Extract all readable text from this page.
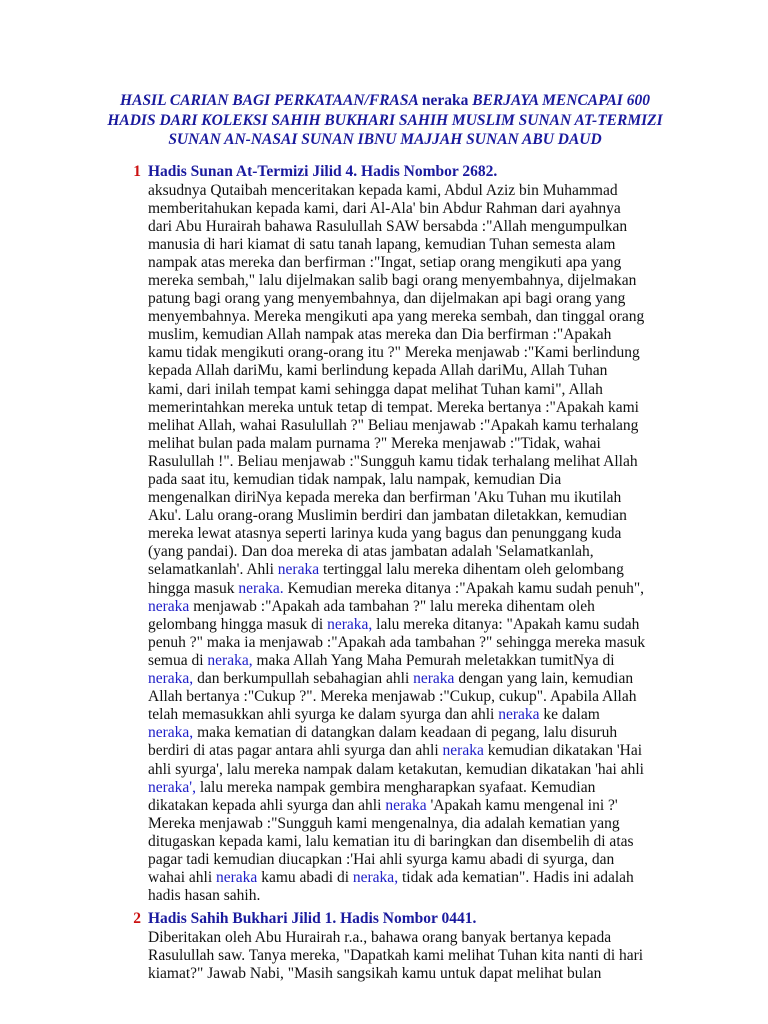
HASIL CARIAN BAGI PERKATAAN/FRASA neraka BERJAYA MENCAPAI 600
HADIS DARI KOLEKSI SAHIH BUKHARI SAHIH MUSLIM SUNAN AT-TERMIZI
SUNAN AN-NASAI SUNAN IBNU MAJJAH SUNAN ABU DAUD
1 Hadis Sunan At-Termizi Jilid 4. Hadis Nombor 2682.
aksudnya Qutaibah menceritakan kepada kami, Abdul Aziz bin Muhammad
memberitahukan kepada kami, dari Al-Ala' bin Abdur Rahman dari ayahnya
dari Abu Hurairah bahawa Rasulullah SAW bersabda :"Allah mengumpulkan
manusia di hari kiamat di satu tanah lapang, kemudian Tuhan semesta alam
nampak atas mereka dan berfirman :"Ingat, setiap orang mengikuti apa yang
mereka sembah," lalu dijelmakan salib bagi orang menyembahnya, dijelmakan
patung bagi orang yang menyembahnya, dan dijelmakan api bagi orang yang
menyembahnya. Mereka mengikuti apa yang mereka sembah, dan tinggal orang
muslim, kemudian Allah nampak atas mereka dan Dia berfirman :"Apakah
kamu tidak mengikuti orang-orang itu ?" Mereka menjawab :"Kami berlindung
kepada Allah dariMu, kami berlindung kepada Allah dariMu, Allah Tuhan
kami, dari inilah tempat kami sehingga dapat melihat Tuhan kami", Allah
memerintahkan mereka untuk tetap di tempat. Mereka bertanya :"Apakah kami
melihat Allah, wahai Rasulullah ?" Beliau menjawab :"Apakah kamu terhalang
melihat bulan pada malam purnama ?" Mereka menjawab :"Tidak, wahai
Rasulullah !". Beliau menjawab :"Sungguh kamu tidak terhalang melihat Allah
pada saat itu, kemudian tidak nampak, lalu nampak, kemudian Dia
mengenalkan diriNya kepada mereka dan berfirman 'Aku Tuhan mu ikutilah
Aku'. Lalu orang-orang Muslimin berdiri dan jambatan diletakkan, kemudian
mereka lewat atasnya seperti larinya kuda yang bagus dan penunggang kuda
(yang pandai). Dan doa mereka di atas jambatan adalah 'Selamatkanlah,
selamatkanlah'. Ahli neraka tertinggal lalu mereka dihentam oleh gelombang
hingga masuk neraka. Kemudian mereka ditanya :"Apakah kamu sudah penuh",
neraka menjawab :"Apakah ada tambahan ?" lalu mereka dihentam oleh
gelombang hingga masuk di neraka, lalu mereka ditanya: "Apakah kamu sudah
penuh ?" maka ia menjawab :"Apakah ada tambahan ?" sehingga mereka masuk
semua di neraka, maka Allah Yang Maha Pemurah meletakkan tumitNya di
neraka, dan berkumpullah sebahagian ahli neraka dengan yang lain, kemudian
Allah bertanya :"Cukup ?". Mereka menjawab :"Cukup, cukup". Apabila Allah
telah memasukkan ahli syurga ke dalam syurga dan ahli neraka ke dalam
neraka, maka kematian di datangkan dalam keadaan di pegang, lalu disuruh
berdiri di atas pagar antara ahli syurga dan ahli neraka kemudian dikatakan 'Hai
ahli syurga', lalu mereka nampak dalam ketakutan, kemudian dikatakan 'hai ahli
neraka', lalu mereka nampak gembira mengharapkan syafaat. Kemudian
dikatakan kepada ahli syurga dan ahli neraka 'Apakah kamu mengenal ini ?'
Mereka menjawab :"Sungguh kami mengenalnya, dia adalah kematian yang
ditugaskan kepada kami, lalu kematian itu di baringkan dan disembelih di atas
pagar tadi kemudian diucapkan :'Hai ahli syurga kamu abadi di syurga, dan
wahai ahli neraka kamu abadi di neraka, tidak ada kematian". Hadis ini adalah
hadis hasan sahih.
2 Hadis Sahih Bukhari Jilid 1. Hadis Nombor 0441.
Diberitakan oleh Abu Hurairah r.a., bahawa orang banyak bertanya kepada
Rasulullah saw. Tanya mereka, "Dapatkah kami melihat Tuhan kita nanti di hari
kiamat?" Jawab Nabi, "Masih sangsikah kamu untuk dapat melihat bulan
